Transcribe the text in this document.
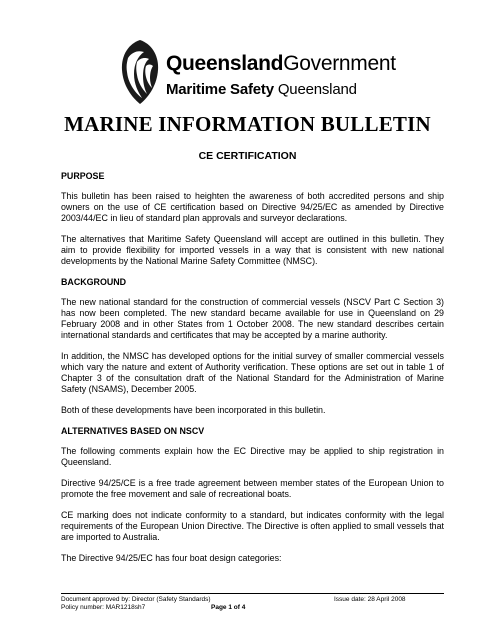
QueenslandGovernment
Maritime Safety Queensland
MARINE INFORMATION BULLETIN
CE CERTIFICATION
PURPOSE

This bulletin has been raised to heighten the awareness of both accredited persons and ship owners on the use of CE certification based on Directive 94/25/EC as amended by Directive 2003/44/EC in lieu of standard plan approvals and surveyor declarations.

The alternatives that Maritime Safety Queensland will accept are outlined in this bulletin. They aim to provide flexibility for imported vessels in a way that is consistent with new national developments by the National Marine Safety Committee (NMSC).

BACKGROUND

The new national standard for the construction of commercial vessels (NSCV Part C Section 3) has now been completed. The new standard became available for use in Queensland on 29 February 2008 and in other States from 1 October 2008. The new standard describes certain international standards and certificates that may be accepted by a marine authority.

In addition, the NMSC has developed options for the initial survey of smaller commercial vessels which vary the nature and extent of Authority verification. These options are set out in table 1 of Chapter 3 of the consultation draft of the National Standard for the Administration of Marine Safety (NSAMS), December 2005.

Both of these developments have been incorporated in this bulletin.

ALTERNATIVES BASED ON NSCV

The following comments explain how the EC Directive may be applied to ship registration in Queensland.

Directive 94/25/CE is a free trade agreement between member states of the European Union to promote the free movement and sale of recreational boats.

CE marking does not indicate conformity to a standard, but indicates conformity with the legal requirements of the European Union Directive. The Directive is often applied to small vessels that are imported to Australia.

The Directive 94/25/EC has four boat design categories:

Document approved by: Director (Safety Standards)	Issue date: 28 April 2008
Policy number: MAR1218sh7	Page 1 of 4
